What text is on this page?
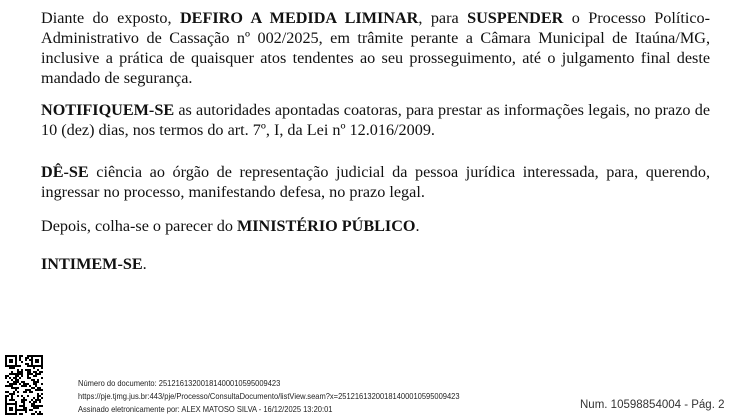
Diante do exposto, DEFIRO A MEDIDA LIMINAR, para SUSPENDER o Processo Político-Administrativo de Cassação nº 002/2025, em trâmite perante a Câmara Municipal de Itaúna/MG, inclusive a prática de quaisquer atos tendentes ao seu prosseguimento, até o julgamento final deste mandado de segurança.
NOTIFIQUEM-SE as autoridades apontadas coatoras, para prestar as informações legais, no prazo de 10 (dez) dias, nos termos do art. 7º, I, da Lei nº 12.016/2009.
DÊ-SE ciência ao órgão de representação judicial da pessoa jurídica interessada, para, querendo, ingressar no processo, manifestando defesa, no prazo legal.
Depois, colha-se o parecer do MINISTÉRIO PÚBLICO.
INTIMEM-SE.
Número do documento: 25121613200181400010595009423
https://pje.tjmg.jus.br:443/pje/Processo/ConsultaDocumento/listView.seam?x=25121613200181400010595009423
Assinado eletronicamente por: ALEX MATOSO SILVA - 16/12/2025 13:20:01	Num. 10598854004 - Pág. 2
